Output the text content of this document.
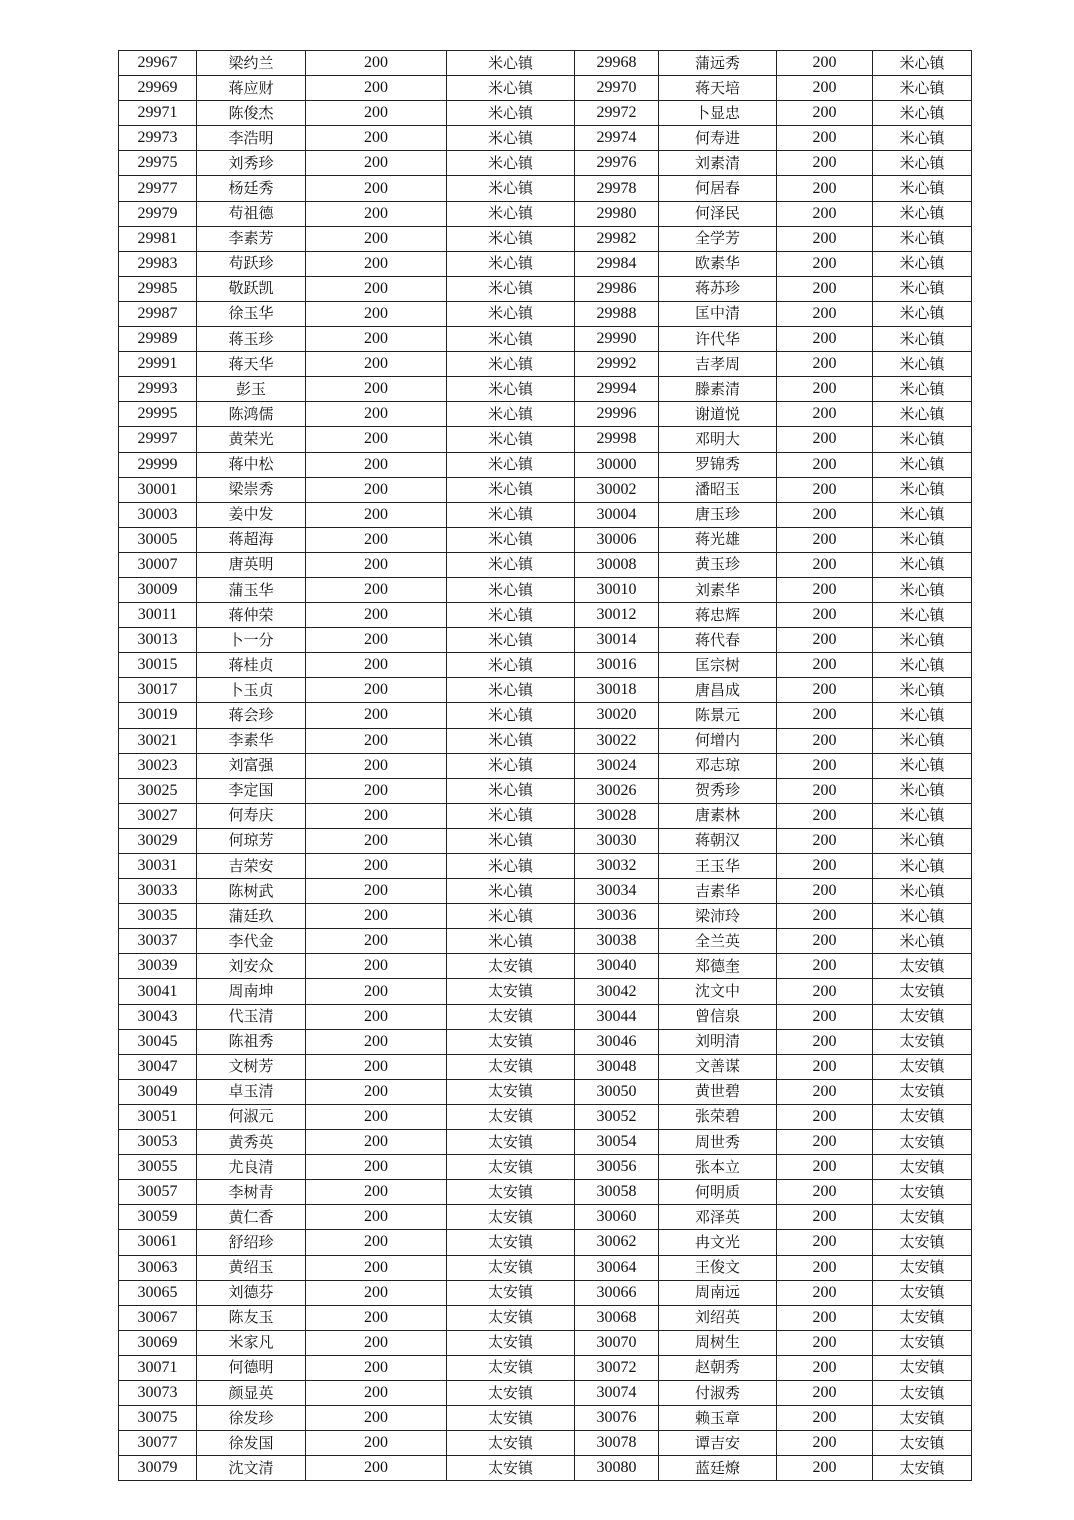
29967	梁约兰	200	米心镇	29968	蒲远秀	200	米心镇
29969	蒋应财	200	米心镇	29970	蒋天培	200	米心镇
29971	陈俊杰	200	米心镇	29972	卜显忠	200	米心镇
29973	李浩明	200	米心镇	29974	何寿进	200	米心镇
29975	刘秀珍	200	米心镇	29976	刘素清	200	米心镇
29977	杨廷秀	200	米心镇	29978	何居春	200	米心镇
29979	苟祖德	200	米心镇	29980	何泽民	200	米心镇
29981	李素芳	200	米心镇	29982	全学芳	200	米心镇
29983	苟跃珍	200	米心镇	29984	欧素华	200	米心镇
29985	敬跃凯	200	米心镇	29986	蒋苏珍	200	米心镇
29987	徐玉华	200	米心镇	29988	匡中清	200	米心镇
29989	蒋玉珍	200	米心镇	29990	许代华	200	米心镇
29991	蒋天华	200	米心镇	29992	吉孝周	200	米心镇
29993	彭玉	200	米心镇	29994	滕素清	200	米心镇
29995	陈鸿儒	200	米心镇	29996	谢道悦	200	米心镇
29997	黄荣光	200	米心镇	29998	邓明大	200	米心镇
29999	蒋中松	200	米心镇	30000	罗锦秀	200	米心镇
30001	梁崇秀	200	米心镇	30002	潘昭玉	200	米心镇
30003	姜中发	200	米心镇	30004	唐玉珍	200	米心镇
30005	蒋超海	200	米心镇	30006	蒋光雄	200	米心镇
30007	唐英明	200	米心镇	30008	黄玉珍	200	米心镇
30009	蒲玉华	200	米心镇	30010	刘素华	200	米心镇
30011	蒋仲荣	200	米心镇	30012	蒋忠辉	200	米心镇
30013	卜一分	200	米心镇	30014	蒋代春	200	米心镇
30015	蒋桂贞	200	米心镇	30016	匡宗树	200	米心镇
30017	卜玉贞	200	米心镇	30018	唐昌成	200	米心镇
30019	蒋会珍	200	米心镇	30020	陈景元	200	米心镇
30021	李素华	200	米心镇	30022	何增内	200	米心镇
30023	刘富强	200	米心镇	30024	邓志琼	200	米心镇
30025	李定国	200	米心镇	30026	贺秀珍	200	米心镇
30027	何寿庆	200	米心镇	30028	唐素林	200	米心镇
30029	何琼芳	200	米心镇	30030	蒋朝汉	200	米心镇
30031	吉荣安	200	米心镇	30032	王玉华	200	米心镇
30033	陈树武	200	米心镇	30034	吉素华	200	米心镇
30035	蒲廷玖	200	米心镇	30036	梁沛玲	200	米心镇
30037	李代金	200	米心镇	30038	全兰英	200	米心镇
30039	刘安众	200	太安镇	30040	郑德奎	200	太安镇
30041	周南坤	200	太安镇	30042	沈文中	200	太安镇
30043	代玉清	200	太安镇	30044	曾信泉	200	太安镇
30045	陈祖秀	200	太安镇	30046	刘明清	200	太安镇
30047	文树芳	200	太安镇	30048	文善谋	200	太安镇
30049	卓玉清	200	太安镇	30050	黄世碧	200	太安镇
30051	何淑元	200	太安镇	30052	张荣碧	200	太安镇
30053	黄秀英	200	太安镇	30054	周世秀	200	太安镇
30055	尤良清	200	太安镇	30056	张本立	200	太安镇
30057	李树青	200	太安镇	30058	何明质	200	太安镇
30059	黄仁香	200	太安镇	30060	邓泽英	200	太安镇
30061	舒绍珍	200	太安镇	30062	冉文光	200	太安镇
30063	黄绍玉	200	太安镇	30064	王俊文	200	太安镇
30065	刘德芬	200	太安镇	30066	周南远	200	太安镇
30067	陈友玉	200	太安镇	30068	刘绍英	200	太安镇
30069	米家凡	200	太安镇	30070	周树生	200	太安镇
30071	何德明	200	太安镇	30072	赵朝秀	200	太安镇
30073	颜显英	200	太安镇	30074	付淑秀	200	太安镇
30075	徐发珍	200	太安镇	30076	赖玉章	200	太安镇
30077	徐发国	200	太安镇	30078	谭吉安	200	太安镇
30079	沈文清	200	太安镇	30080	蓝廷燎	200	太安镇
